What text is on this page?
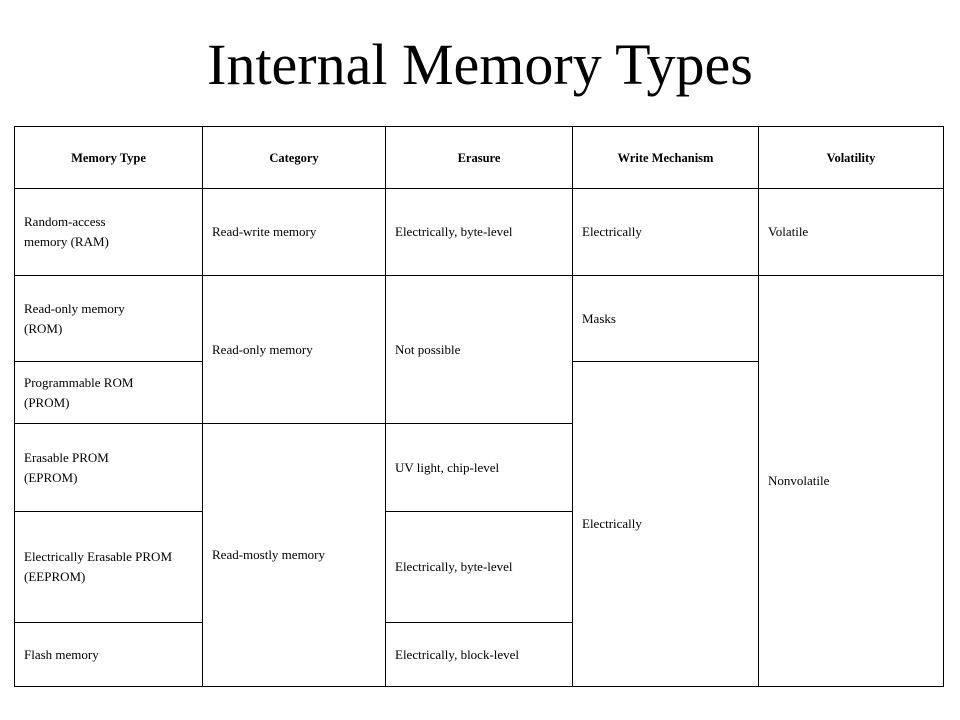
Internal Memory Types
Memory Type	Category	Erasure	Write Mechanism	Volatility
Random-access memory (RAM)	Read-write memory	Electrically, byte-level	Electrically	Volatile
Read-only memory (ROM)	Read-only memory	Not possible	Masks	Nonvolatile
Programmable ROM (PROM)			Electrically	
Erasable PROM (EPROM)	Read-mostly memory	UV light, chip-level		
Electrically Erasable PROM (EEPROM)		Electrically, byte-level		
Flash memory		Electrically, block-level		
